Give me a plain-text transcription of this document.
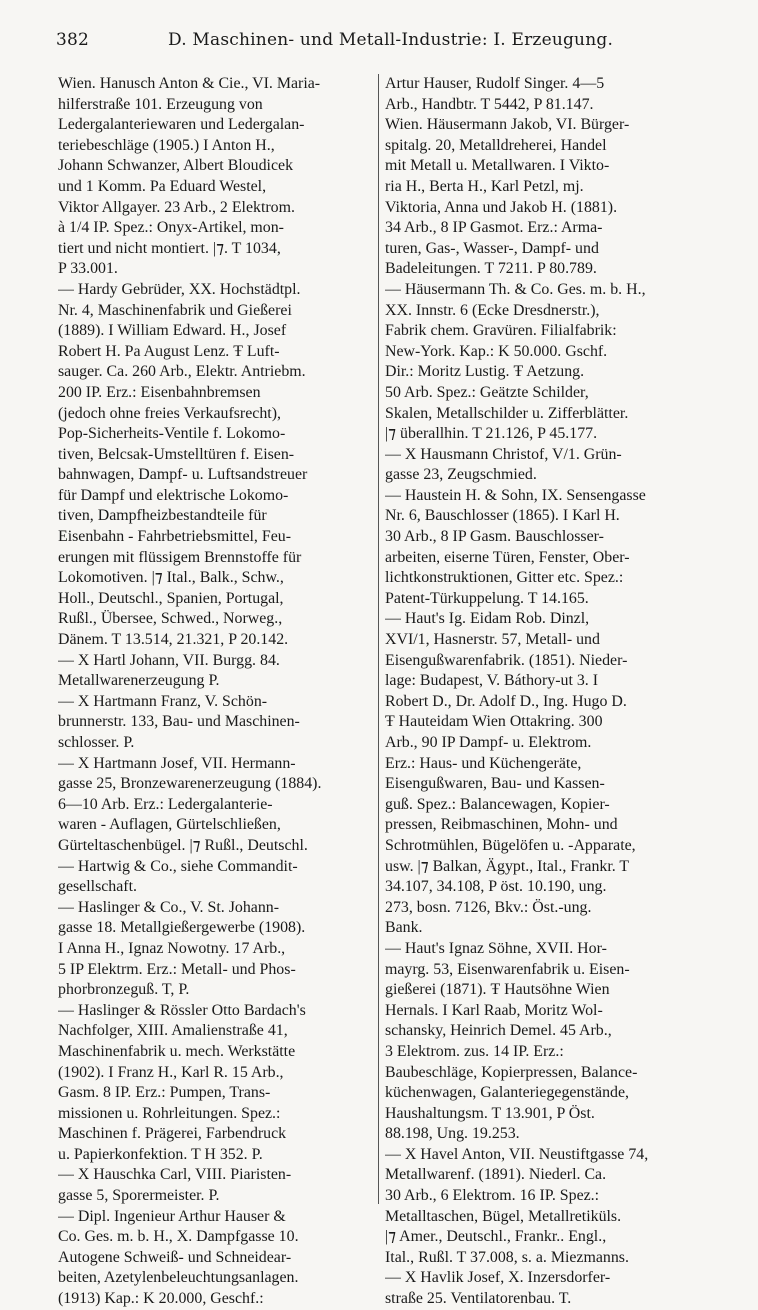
382	D. Maschinen- und Metall-Industrie: I. Erzeugung.
Wien. Hanusch Anton & Cie., VI. Maria-
hilferstraße 101. Erzeugung von
Ledergalanteriewaren und Ledergalan-
teriebeschläge (1905.) I Anton H.,
Johann Schwanzer, Albert Bloudicek
und 1 Komm. Pa Eduard Westel,
Viktor Allgayer. 23 Arb., 2 Elektrom.
à 1/4 IP. Spez.: Onyx-Artikel, mon-
tiert und nicht montiert. |⁊. T 1034,
P 33.001.
— Hardy Gebrüder, XX. Hochstädtpl.
Nr. 4, Maschinenfabrik und Gießerei
(1889). I William Edward. H., Josef
Robert H. Pa August Lenz. Ŧ Luft-
sauger. Ca. 260 Arb., Elektr. Antriebm.
200 IP. Erz.: Eisenbahnbremsen
(jedoch ohne freies Verkaufsrecht),
Pop-Sicherheits-Ventile f. Lokomo-
tiven, Belcsak-Umstelltüren f. Eisen-
bahnwagen, Dampf- u. Luftsandstreuer
für Dampf und elektrische Lokomo-
tiven, Dampfheizbestandteile für
Eisenbahn - Fahrbetriebsmittel, Feu-
erungen mit flüssigem Brennstoffe für
Lokomotiven. |⁊ Ital., Balk., Schw.,
Holl., Deutschl., Spanien, Portugal,
Rußl., Übersee, Schwed., Norweg.,
Dänem. T 13.514, 21.321, P 20.142.
— X Hartl Johann, VII. Burgg. 84.
Metallwarenerzeugung P.
— X Hartmann Franz, V. Schön-
brunnerstr. 133, Bau- und Maschinen-
schlosser. P.
— X Hartmann Josef, VII. Hermann-
gasse 25, Bronzewarenerzeugung (1884).
6—10 Arb. Erz.: Ledergalanterie-
waren - Auflagen, Gürtelschließen,
Gürteltaschenbügel. |⁊ Rußl., Deutschl.
— Hartwig & Co., siehe Commandit-
gesellschaft.
— Haslinger & Co., V. St. Johann-
gasse 18. Metallgießergewerbe (1908).
I Anna H., Ignaz Nowotny. 17 Arb.,
5 IP Elektrm. Erz.: Metall- und Phos-
phorbronzeguß. T, P.
— Haslinger & Rössler Otto Bardach's
Nachfolger, XIII. Amalienstraße 41,
Maschinenfabrik u. mech. Werkstätte
(1902). I Franz H., Karl R. 15 Arb.,
Gasm. 8 IP. Erz.: Pumpen, Trans-
missionen u. Rohrleitungen. Spez.:
Maschinen f. Prägerei, Farbendruck
u. Papierkonfektion. T H 352. P.
— X Hauschka Carl, VIII. Piaristen-
gasse 5, Sporermeister. P.
— Dipl. Ingenieur Arthur Hauser &
Co. Ges. m. b. H., X. Dampfgasse 10.
Autogene Schweiß- und Schneidear-
beiten, Azetylenbeleuchtungsanlagen.
(1913) Kap.: K 20.000, Geschf.:
Artur Hauser, Rudolf Singer. 4—5
Arb., Handbtr. T 5442, P 81.147.
Wien. Häusermann Jakob, VI. Bürger-
spitalg. 20, Metalldreherei, Handel
mit Metall u. Metallwaren. I Vikto-
ria H., Berta H., Karl Petzl, mj.
Viktoria, Anna und Jakob H. (1881).
34 Arb., 8 IP Gasmot. Erz.: Arma-
turen, Gas-, Wasser-, Dampf- und
Badeleitungen. T 7211. P 80.789.
— Häusermann Th. & Co. Ges. m. b. H.,
XX. Innstr. 6 (Ecke Dresdnerstr.),
Fabrik chem. Gravüren. Filialfabrik:
New-York. Kap.: K 50.000. Gschf.
Dir.: Moritz Lustig. Ŧ Aetzung.
50 Arb. Spez.: Geätzte Schilder,
Skalen, Metallschilder u. Zifferblätter.
|⁊ überallhin. T 21.126, P 45.177.
— X Hausmann Christof, V/1. Grün-
gasse 23, Zeugschmied.
— Haustein H. & Sohn, IX. Sensengasse
Nr. 6, Bauschlosser (1865). I Karl H.
30 Arb., 8 IP Gasm. Bauschlosser-
arbeiten, eiserne Türen, Fenster, Ober-
lichtkonstruktionen, Gitter etc. Spez.:
Patent-Türkuppelung. T 14.165.
— Haut's Ig. Eidam Rob. Dinzl,
XVI/1, Hasnerstr. 57, Metall- und
Eisengußwarenfabrik. (1851). Nieder-
lage: Budapest, V. Báthory-ut 3. I
Robert D., Dr. Adolf D., Ing. Hugo D.
Ŧ Hauteidam Wien Ottakring. 300
Arb., 90 IP Dampf- u. Elektrom.
Erz.: Haus- und Küchengeräte,
Eisengußwaren, Bau- und Kassen-
guß. Spez.: Balancewagen, Kopier-
pressen, Reibmaschinen, Mohn- und
Schrotmühlen, Bügelöfen u. -Apparate,
usw. |⁊ Balkan, Ägypt., Ital., Frankr. T
34.107, 34.108, P öst. 10.190, ung.
273, bosn. 7126, Bkv.: Öst.-ung.
Bank.
— Haut's Ignaz Söhne, XVII. Hor-
mayrg. 53, Eisenwarenfabrik u. Eisen-
gießerei (1871). Ŧ Hautsöhne Wien
Hernals. I Karl Raab, Moritz Wol-
schansky, Heinrich Demel. 45 Arb.,
3 Elektrom. zus. 14 IP. Erz.:
Baubeschläge, Kopierpressen, Balance-
küchenwagen, Galanteriegegenstände,
Haushaltungsm. T 13.901, P Öst.
88.198, Ung. 19.253.
— X Havel Anton, VII. Neustiftgasse 74,
Metallwarenf. (1891). Niederl. Ca.
30 Arb., 6 Elektrom. 16 IP. Spez.:
Metalltaschen, Bügel, Metallretiküls.
|⁊ Amer., Deutschl., Frankr.. Engl.,
Ital., Rußl. T 37.008, s. a. Miezmanns.
— X Havlik Josef, X. Inzersdorfer-
straße 25. Ventilatorenbau. T.
